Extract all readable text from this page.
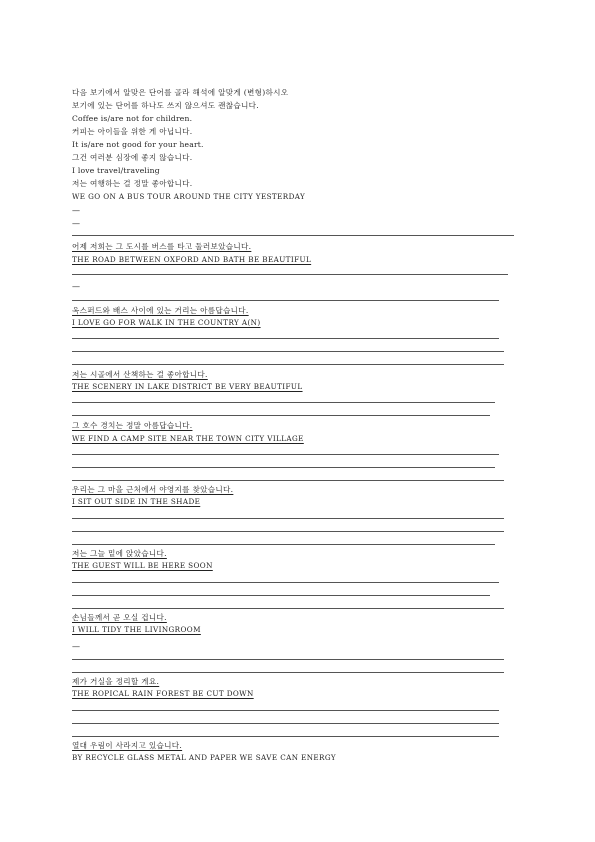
다음 보기에서 알맞은 단어를 골라 해석에 알맞게 (변형)하시오
보기에 있는 단어를 하나도 쓰지 않으셔도 괜찮습니다.
Coffee is/are not for children.
커피는 아이들을 위한 게 아닙니다.
It is/are not good for your heart.
그건 여러분 심장에 좋지 않습니다.
I love travel/traveling
저는 여행하는 걸 정말 좋아합니다.
WE GO ON A BUS TOUR AROUND THE CITY YESTERDAY
—
—
어제 저희는 그 도시를 버스를 타고 둘러보았습니다.
THE ROAD BETWEEN OXFORD AND BATH BE BEAUTIFUL
—
옥스퍼드와 배스 사이에 있는 거리는 아름답습니다.
I LOVE GO FOR WALK IN THE COUNTRY A(N)
저는 시골에서 산책하는 걸 좋아합니다.
THE SCENERY IN LAKE DISTRICT BE VERY BEAUTIFUL
그 호수 경치는 정말 아름답습니다.
WE FIND A CAMP SITE NEAR THE TOWN CITY VILLAGE
우리는 그 마을 근처에서 야영지를 찾았습니다.
I SIT OUT SIDE IN THE SHADE
저는 그늘 밑에 앉았습니다.
THE GUEST WILL BE HERE SOON
손님들께서 곧 오실 겁니다.
I WILL TIDY THE LIVINGROOM
—
제가 거실을 정리할 게요.
THE ROPICAL RAIN FOREST BE CUT DOWN
열대 우림이 사라지고 있습니다.
BY RECYCLE GLASS METAL AND PAPER WE SAVE CAN ENERGY
